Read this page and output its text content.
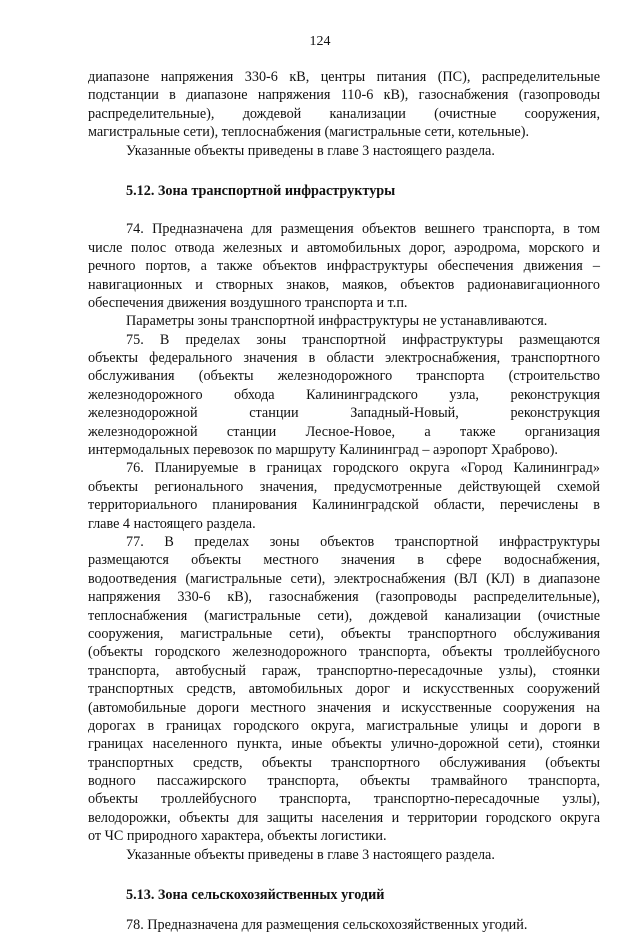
124
диапазоне напряжения 330-6 кВ, центры питания (ПС), распределительные
подстанции в диапазоне напряжения 110-6 кВ), газоснабжения (газопроводы
распределительные), дождевой канализации (очистные сооружения,
магистральные сети), теплоснабжения (магистральные сети, котельные).
Указанные объекты приведены в главе 3 настоящего раздела.
5.12. Зона транспортной инфраструктуры
74. Предназначена для размещения объектов вешнего транспорта, в том
числе полос отвода железных и автомобильных дорог, аэродрома, морского и
речного портов, а также объектов инфраструктуры обеспечения движения –
навигационных и створных знаков, маяков, объектов радионавигационного
обеспечения движения воздушного транспорта и т.п.
Параметры зоны транспортной инфраструктуры не устанавливаются.
75. В пределах зоны транспортной инфраструктуры размещаются
объекты федерального значения в области электроснабжения, транспортного
обслуживания (объекты железнодорожного транспорта (строительство
железнодорожного обхода Калининградского узла, реконструкция
железнодорожной станции Западный-Новый, реконструкция
железнодорожной станции Лесное-Новое, а также организация
интермодальных перевозок по маршруту Калининград – аэропорт Храброво).
76. Планируемые в границах городского округа «Город Калининград»
объекты регионального значения, предусмотренные действующей схемой
территориального планирования Калининградской области, перечислены в
главе 4 настоящего раздела.
77. В пределах зоны объектов транспортной инфраструктуры
размещаются объекты местного значения в сфере водоснабжения,
водоотведения (магистральные сети), электроснабжения (ВЛ (КЛ) в диапазоне
напряжения 330-6 кВ), газоснабжения (газопроводы распределительные),
теплоснабжения (магистральные сети), дождевой канализации (очистные
сооружения, магистральные сети), объекты транспортного обслуживания
(объекты городского железнодорожного транспорта, объекты троллейбусного
транспорта, автобусный гараж, транспортно-пересадочные узлы), стоянки
транспортных средств, автомобильных дорог и искусственных сооружений
(автомобильные дороги местного значения и искусственные сооружения на
дорогах в границах городского округа, магистральные улицы и дороги в
границах населенного пункта, иные объекты улично-дорожной сети), стоянки
транспортных средств, объекты транспортного обслуживания (объекты
водного пассажирского транспорта, объекты трамвайного транспорта,
объекты троллейбусного транспорта, транспортно-пересадочные узлы),
велодорожки, объекты для защиты населения и территории городского округа
от ЧС природного характера, объекты логистики.
Указанные объекты приведены в главе 3 настоящего раздела.
5.13. Зона сельскохозяйственных угодий
78. Предназначена для размещения сельскохозяйственных угодий.
